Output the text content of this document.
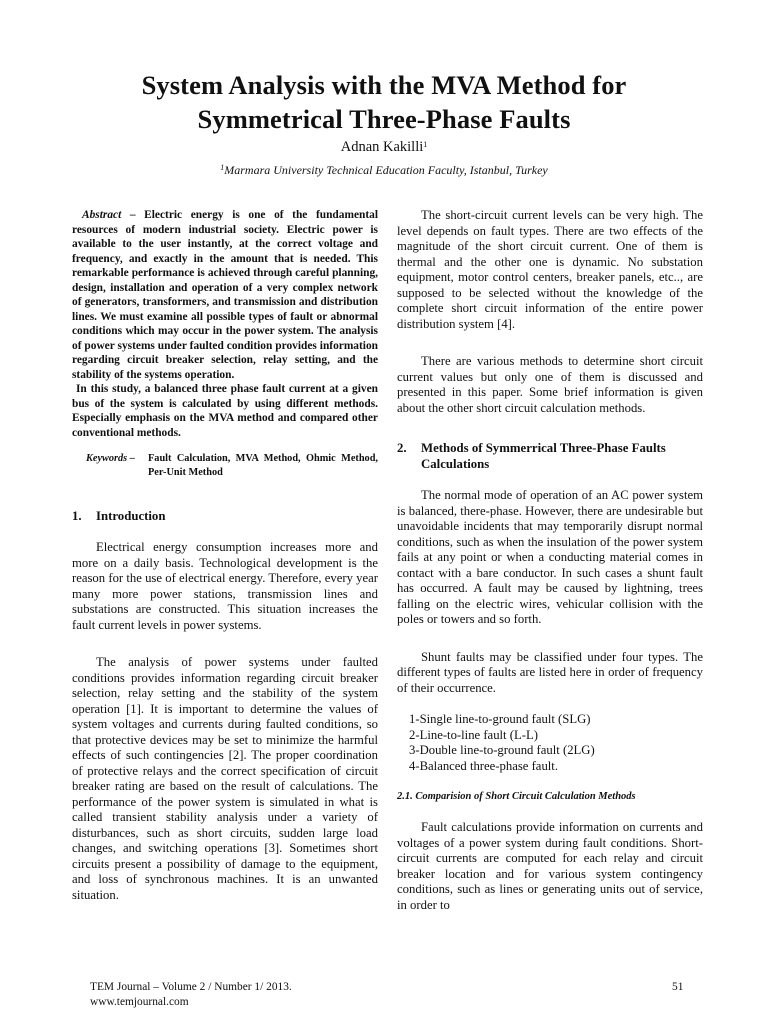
System Analysis with the MVA Method for
Symmetrical Three-Phase Faults
Adnan Kakilli$^1$
$^1$Marmara University Technical Education Faculty, Istanbul, Turkey

Abstract – Electric energy is one of the fundamental resources of modern industrial society. Electric power is available to the user instantly, at the correct voltage and frequency, and exactly in the amount that is needed. This remarkable performance is achieved through careful planning, design, installation and operation of a very complex network of generators, transformers, and transmission and distribution lines. We must examine all possible types of fault or abnormal conditions which may occur in the power system. The analysis of power systems under faulted condition provides information regarding circuit breaker selection, relay setting, and the stability of the systems operation.

In this study, a balanced three phase fault current at a given bus of the system is calculated by using different methods. Especially emphasis on the MVA method and compared other conventional methods.

Keywords –	Fault Calculation, MVA Method, Ohmic Method, Per-Unit Method
1.	Introduction

Electrical energy consumption increases more and more on a daily basis. Technological development is the reason for the use of electrical energy. Therefore, every year many more power stations, transmission lines and substations are constructed. This situation increases the fault current levels in power systems.

The analysis of power systems under faulted conditions provides information regarding circuit breaker selection, relay setting and the stability of the system operation [1]. It is important to determine the values of system voltages and currents during faulted conditions, so that protective devices may be set to minimize the harmful effects of such contingencies [2]. The proper coordination of protective relays and the correct specification of circuit breaker rating are based on the result of calculations. The performance of the power system is simulated in what is called transient stability analysis under a variety of disturbances, such as short circuits, sudden large load changes, and switching operations [3]. Sometimes short circuits present a possibility of damage to the equipment, and loss of synchronous machines. It is an unwanted situation.

The short-circuit current levels can be very high. The level depends on fault types. There are two effects of the magnitude of the short circuit current. One of them is thermal and the other one is dynamic. No substation equipment, motor control centers, breaker panels, etc.., are supposed to be selected without the knowledge of the complete short circuit information of the entire power distribution system [4].

There are various methods to determine short circuit current values but only one of them is discussed and presented in this paper. Some brief information is given about the other short circuit calculation methods.

2.	Methods of Symmerrical Three-Phase Faults Calculations

The normal mode of operation of an AC power system is balanced, there-phase. However, there are undesirable but unavoidable incidents that may temporarily disrupt normal conditions, such as when the insulation of the power system fails at any point or when a conducting material comes in contact with a bare conductor. In such cases a shunt fault has occurred. A fault may be caused by lightning, trees falling on the electric wires, vehicular collision with the poles or towers and so forth.

Shunt faults may be classified under four types. The different types of faults are listed here in order of frequency of their occurrence.

1-Single line-to-ground fault (SLG)
2-Line-to-line fault (L-L)
3-Double line-to-ground fault (2LG)
4-Balanced three-phase fault.
2.1. Comparision of Short Circuit Calculation Methods

Fault calculations provide information on currents and voltages of a power system during fault conditions. Short-circuit currents are computed for each relay and circuit breaker location and for various system contingency conditions, such as lines or generating units out of service, in order to

TEM Journal – Volume 2 / Number 1/ 2013.
www.temjournal.com
51
